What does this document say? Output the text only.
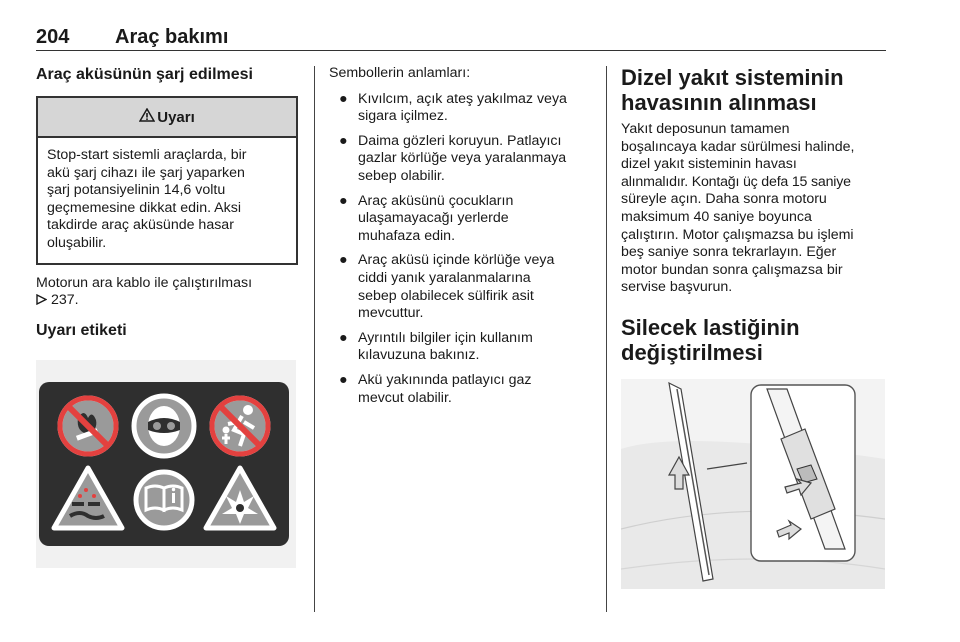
204 Araç bakımı
Araç aküsünün şarj edilmesi
Uyarı

Stop-start sistemli araçlarda, bir

akü şarj cihazı ile şarj yaparken

şarj potansiyelinin 14,6 voltu

geçmemesine dikkat edin. Aksi

takdirde araç aküsünde hasar

oluşabilir.

Motorun ara kablo ile çalıştırılması

237.

Uyarı etiketi

Sembollerin anlamları:

● Kıvılcım, açık ateş yakılmaz veya
sigara içilmez.
● Daima gözleri koruyun. Patlayıcı
gazlar körlüğe veya yaralanmaya
sebep olabilir.
● Araç aküsünü çocukların
ulaşamayacağı yerlerde
muhafaza edin.
● Araç aküsü içinde körlüğe veya
ciddi yanık yaralanmalarına
sebep olabilecek sülfirik asit
mevcuttur.
● Ayrıntılı bilgiler için kullanım
kılavuzuna bakınız.
● Akü yakınında patlayıcı gaz
mevcut olabilir.
Dizel yakıt sisteminin
havasının alınması

Yakıt deposunun tamamen

boşalıncaya kadar sürülmesi halinde,

dizel yakıt sisteminin havası

alınmalıdır. Kontağı üç defa 15 saniye

süreyle açın. Daha sonra motoru

maksimum 40 saniye boyunca

çalıştırın. Motor çalışmazsa bu işlemi

beş saniye sonra tekrarlayın. Eğer

motor bundan sonra çalışmazsa bir

servise başvurun.

Silecek lastiğinin
değiştirilmesi
